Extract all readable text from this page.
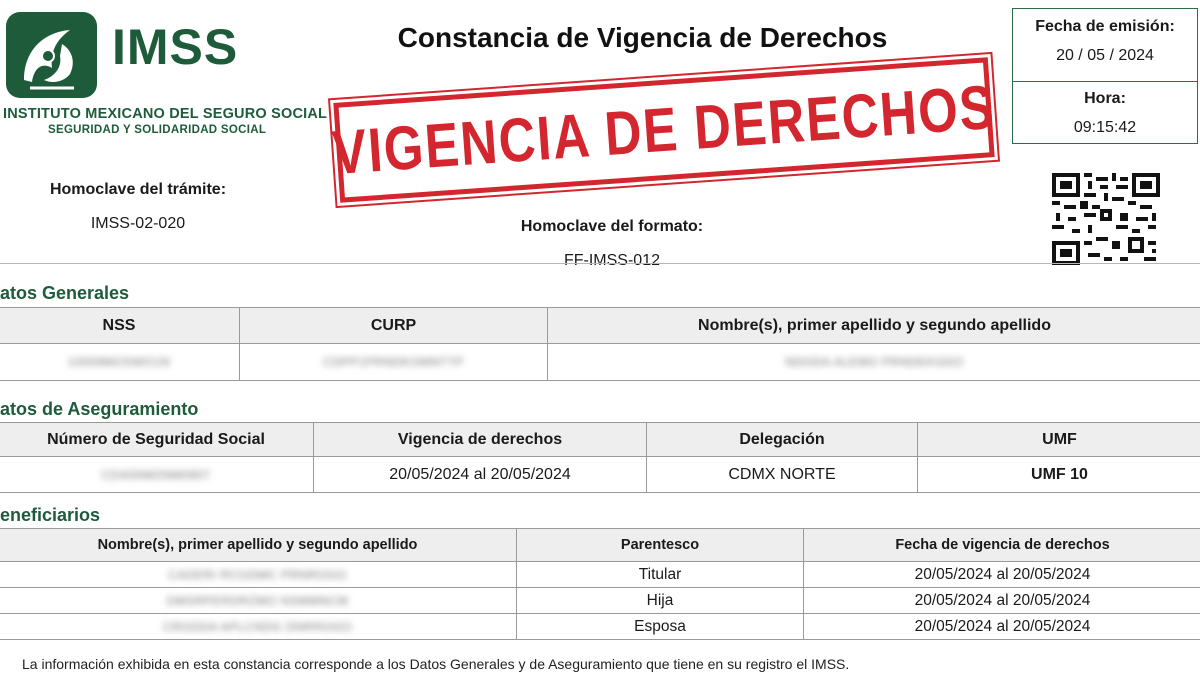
IMSS
INSTITUTO MEXICANO DEL SEGURO SOCIAL
SEGURIDAD Y SOLIDARIDAD SOCIAL
Constancia de Vigencia de Derechos
VIGENCIA DE DERECHOS
Fecha de emisión:
20 / 05 / 2024
Hora:
09:15:42
Homoclave del trámite:
IMSS-02-020	Homoclave del formato:
FF-IMSS-012
atos Generales
NSS	CURP	Nombre(s), primer apellido y segundo apellido
10009MOSWO1N	CDPP1PRNDKOMNTTP	NDODA ALEMO PRNDEKGDO
atos de Aseguramiento
Número de Seguridad Social	Vigencia de derechos	Delegación	UMF
CDA5NM2NM0907	20/05/2024 al 20/05/2024	CDMX NORTE	UMF 10
eneficiarios
Nombre(s), primer apellido y segundo apellido	Parentesco	Fecha de vigencia de derechos
CADERI RCGDMC PRNROGO	Titular	20/05/2024 al 20/05/2024
DMSRPERDRZMO NSMMNCM	Hija	20/05/2024 al 20/05/2024
CRGDDA APLCNDG DNRROGO	Esposa	20/05/2024 al 20/05/2024
La información exhibida en esta constancia corresponde a los Datos Generales y de Aseguramiento que tiene en su registro el IMSS.
